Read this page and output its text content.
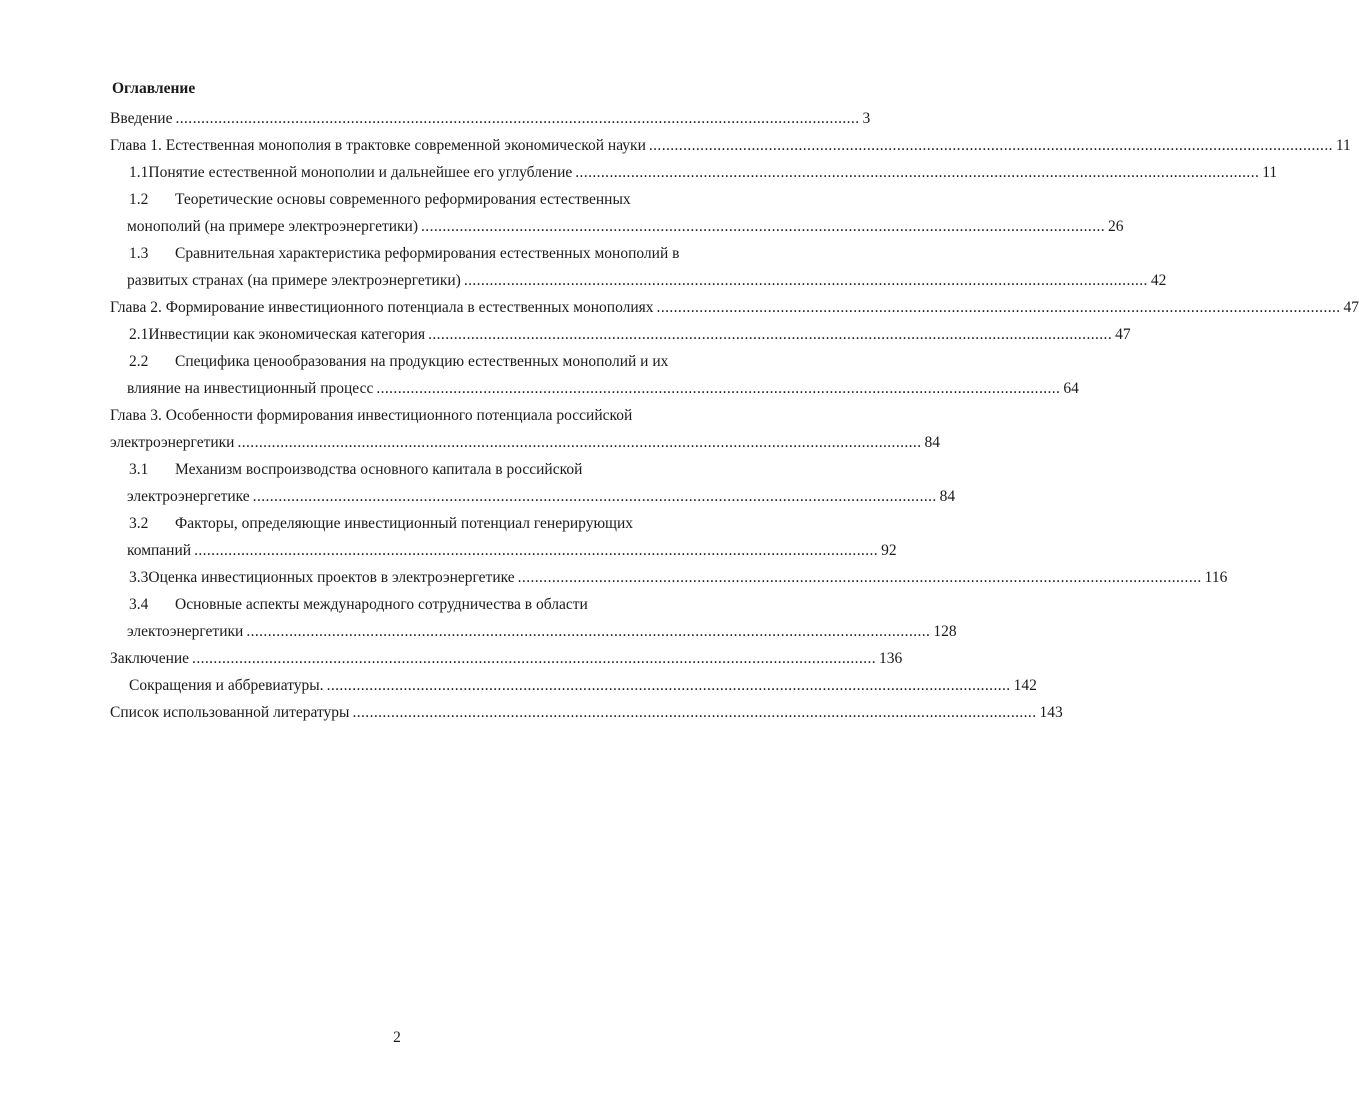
Оглавление
Введение ................................................................................................................................................................ 3
Глава 1. Естественная монополия в трактовке современной экономической науки ................................................................................................................................................................ 11
1.1 Понятие естественной монополии и дальнейшее его углубление ................................................................................................................................................................ 11
1.2	Теоретические основы современного реформирования естественных
монополий (на примере электроэнергетики) ................................................................................................................................................................ 26
1.3	Сравнительная характеристика реформирования естественных монополий в
развитых странах (на примере электроэнергетики) ................................................................................................................................................................ 42
Глава 2. Формирование инвестиционного потенциала в естественных монополиях ................................................................................................................................................................ 47
2.1 Инвестиции как экономическая категория ................................................................................................................................................................ 47
2.2	Специфика ценообразования на продукцию естественных монополий и их
влияние на инвестиционный процесс ................................................................................................................................................................ 64
Глава 3. Особенности формирования инвестиционного потенциала российской
электроэнергетики ................................................................................................................................................................ 84
3.1	Механизм воспроизводства основного капитала в российской
электроэнергетике ................................................................................................................................................................ 84
3.2	Факторы, определяющие инвестиционный потенциал генерирующих
компаний ................................................................................................................................................................ 92
3.3 Оценка инвестиционных проектов в электроэнергетике ................................................................................................................................................................ 116
3.4	Основные аспекты международного сотрудничества в области
электоэнергетики ................................................................................................................................................................ 128
Заключение ................................................................................................................................................................ 136
Сокращения и аббревиатуры. ................................................................................................................................................................ 142
Список использованной литературы ................................................................................................................................................................ 143
2
